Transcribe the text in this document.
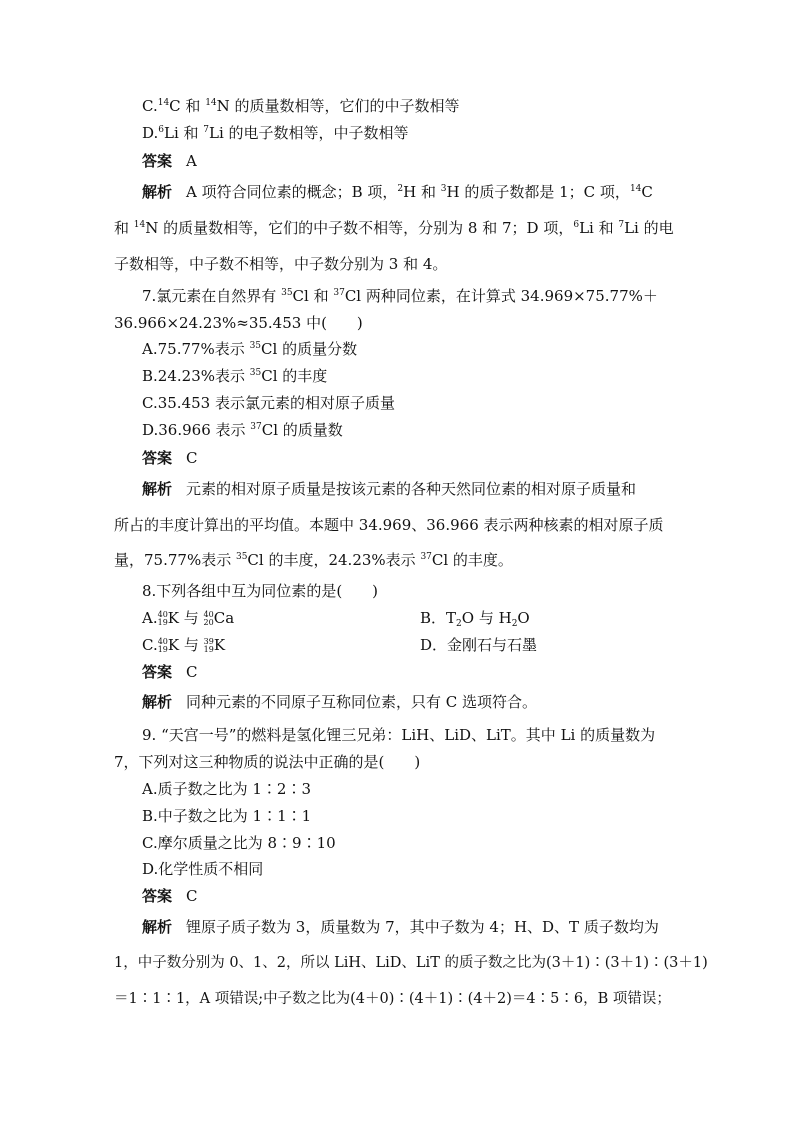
C.$^{14}$C 和 $^{14}$N 的质量数相等，它们的中子数相等
D.$^6$Li 和 $^7$Li 的电子数相等，中子数相等
答案 A
解析 A 项符合同位素的概念；B 项，$^2$H 和 $^3$H 的质子数都是 1；C 项，$^{14}$C
和 $^{14}$N 的质量数相等，它们的中子数不相等，分别为 8 和 7；D 项，$^6$Li 和 $^7$Li 的电
子数相等，中子数不相等，中子数分别为 3 和 4。
7.氯元素在自然界有 $^{35}$Cl 和 $^{37}$Cl 两种同位素，在计算式 34.969×75.77%＋
36.966×24.23%≈35.453 中(　　)
A.75.77%表示 $^{35}$Cl 的质量分数
B.24.23%表示 $^{35}$Cl 的丰度
C.35.453 表示氯元素的相对原子质量
D.36.966 表示 $^{37}$Cl 的质量数
答案 C
解析 元素的相对原子质量是按该元素的各种天然同位素的相对原子质量和
所占的丰度计算出的平均值。本题中 34.969、36.966 表示两种核素的相对原子质
量，75.77%表示 $^{35}$Cl 的丰度，24.23%表示 $^{37}$Cl 的丰度。
8.下列各组中互为同位素的是(　　)
A. 40
19 K 与 40
20 Ca	B．$T_2O$ 与 $H_2O$
C. 40
19 K 与 39
19 K	D．金刚石与石墨
答案 C
解析 同种元素的不同原子互称同位素，只有 C 选项符合。
9. “天宫一号”的燃料是氢化锂三兄弟：LiH、LiD、LiT。其中 Li 的质量数为
7，下列对这三种物质的说法中正确的是(　　)
A.质子数之比为 1∶2∶3
B.中子数之比为 1∶1∶1
C.摩尔质量之比为 8∶9∶10
D.化学性质不相同
答案 C
解析 锂原子质子数为 3，质量数为 7，其中子数为 4；H、D、T 质子数均为
1，中子数分别为 0、1、2，所以 LiH、LiD、LiT 的质子数之比为(3＋1)∶(3＋1)∶(3＋1)
＝1∶1∶1，A 项错误;中子数之比为(4＋0)∶(4＋1)∶(4＋2)＝4∶5∶6，B 项错误；
